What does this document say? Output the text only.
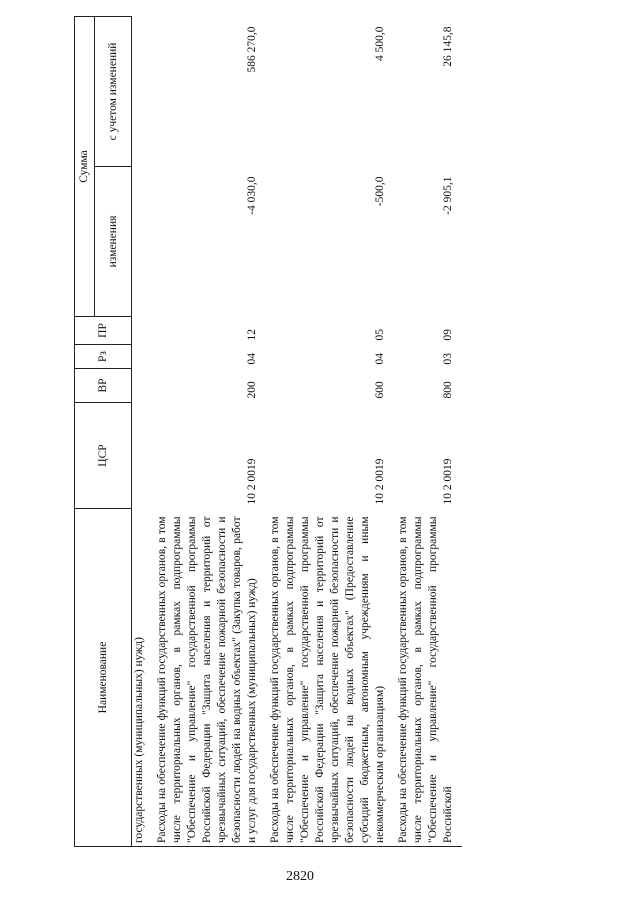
2820
Наименование	ЦСР	ВР	Рз	ПР	Сумма	
					изменения	с учетом изменений
государственных (муниципальных) нужд)						
Расходы на обеспечение функций государственных органов, в том числе территориальных органов, в рамках подпрограммы "Обеспечение и управление" государственной программы Российской Федерации "Защита населения и территорий от чрезвычайных ситуаций, обеспечение пожарной безопасности и безопасности людей на водных объектах" (Закупка товаров, работ и услуг для государственных (муниципальных) нужд)	10 2 0019	200	04	12	-4 030,0	586 270,0
Расходы на обеспечение функций государственных органов, в том числе территориальных органов, в рамках подпрограммы "Обеспечение и управление" государственной программы Российской Федерации "Защита населения и территорий от чрезвычайных ситуаций, обеспечение пожарной безопасности и безопасности людей на водных объектах" (Предоставление субсидий бюджетным, автономным учреждениям и иным некоммерческим организациям)	10 2 0019	600	04	05	-500,0	4 500,0
Расходы на обеспечение функций государственных органов, в том числе территориальных органов, в рамках подпрограммы "Обеспечение и управление" государственной программы Российской	10 2 0019	800	03	09	-2 905,1	26 145,8
